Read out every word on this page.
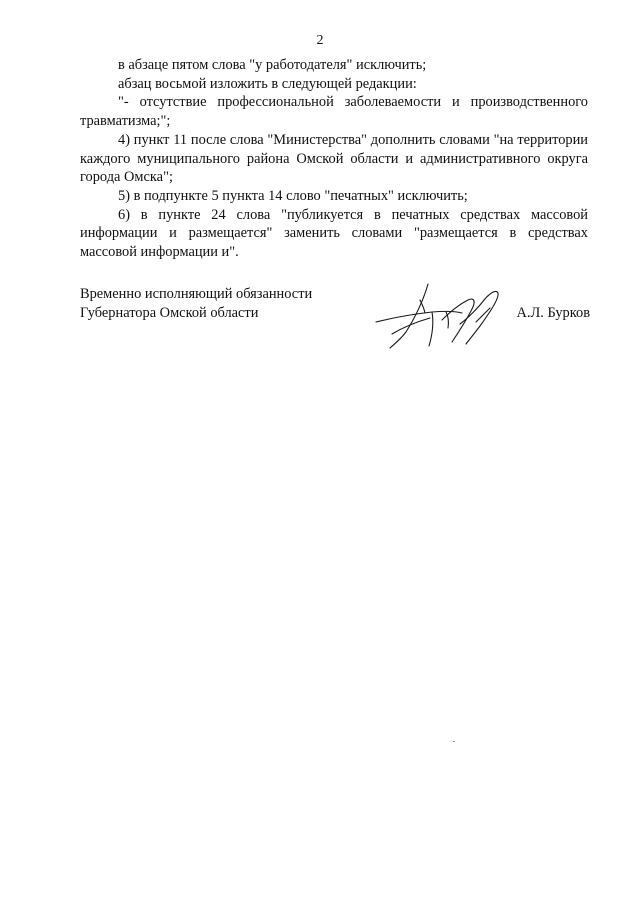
2

в абзаце пятом слова "у работодателя" исключить;

абзац восьмой изложить в следующей редакции:

"- отсутствие профессиональной заболеваемости и производственного травматизма;";

4) пункт 11 после слова "Министерства" дополнить словами "на территории каждого муниципального района Омской области и административного округа города Омска";

5) в подпункте 5 пункта 14 слово "печатных" исключить;

6) в пункте 24 слова "публикуется в печатных средствах массовой информации и размещается" заменить словами "размещается в средствах массовой информации и".

Временно исполняющий обязанности

Губернатора Омской области	А.Л. Бурков
